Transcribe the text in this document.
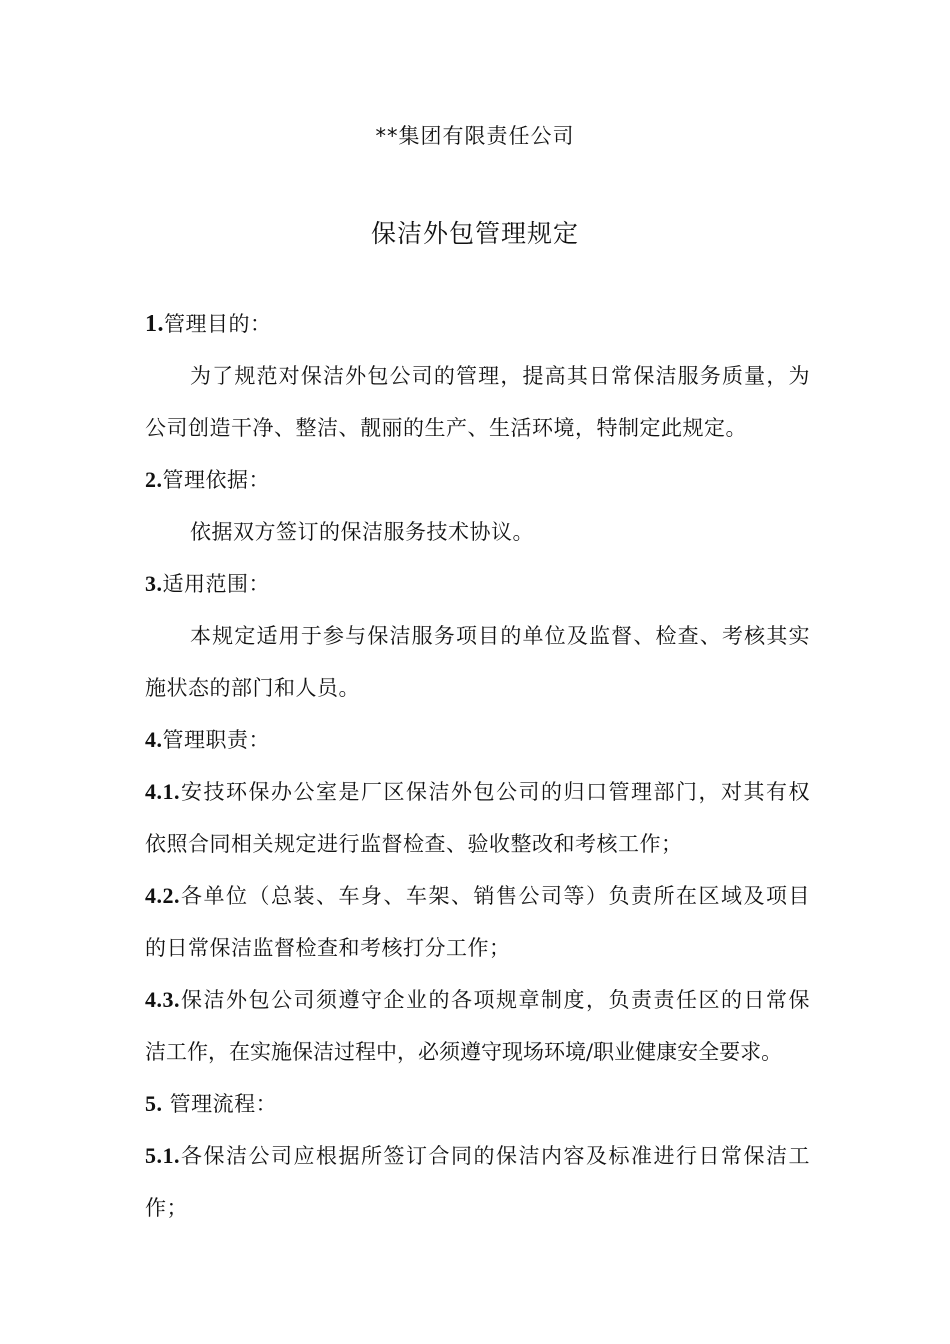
**集团有限责任公司
保洁外包管理规定
1.管理目的：
为了规范对保洁外包公司的管理，提高其日常保洁服务质量，为
公司创造干净、整洁、靓丽的生产、生活环境，特制定此规定。
2.管理依据：
依据双方签订的保洁服务技术协议。
3.适用范围：
本规定适用于参与保洁服务项目的单位及监督、检查、考核其实
施状态的部门和人员。
4.管理职责：
4.1.安技环保办公室是厂区保洁外包公司的归口管理部门，对其有权
依照合同相关规定进行监督检查、验收整改和考核工作；
4.2.各单位（总装、车身、车架、销售公司等）负责所在区域及项目
的日常保洁监督检查和考核打分工作；
4.3.保洁外包公司须遵守企业的各项规章制度，负责责任区的日常保
洁工作，在实施保洁过程中，必须遵守现场环境/职业健康安全要求。
5. 管理流程：
5.1.各保洁公司应根据所签订合同的保洁内容及标准进行日常保洁工
作；
